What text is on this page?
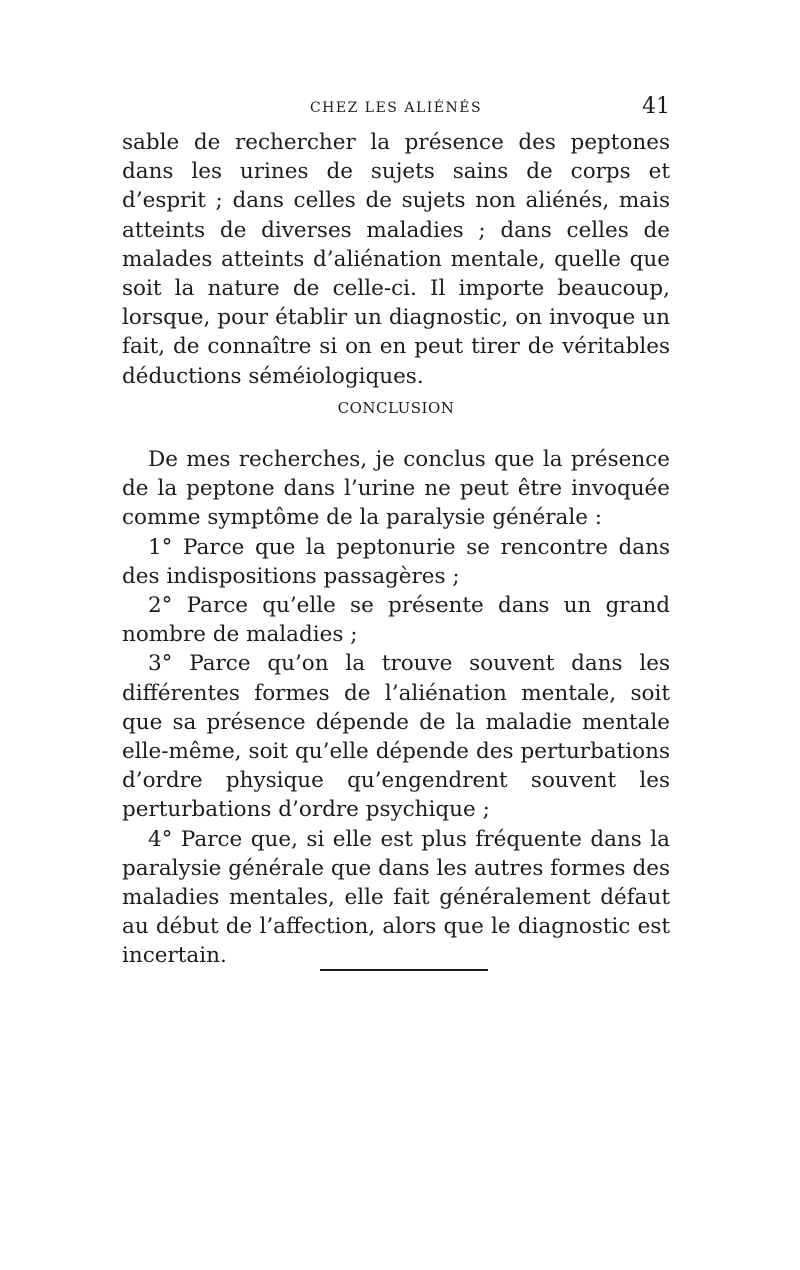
CHEZ LES ALIÉNÉS	41

sable de rechercher la présence des peptones dans les urines de sujets sains de corps et d’esprit ; dans celles de sujets non aliénés, mais atteints de diverses maladies ; dans celles de malades atteints d’aliénation mentale, quelle que soit la nature de celle-ci. Il importe beaucoup, lorsque, pour établir un diagnostic, on invoque un fait, de connaître si on en peut tirer de véritables déductions séméiologiques.

CONCLUSION

De mes recherches, je conclus que la présence de la peptone dans l’urine ne peut être invoquée comme symptôme de la paralysie générale :

1° Parce que la peptonurie se rencontre dans des indispositions passagères ;

2° Parce qu’elle se présente dans un grand nombre de maladies ;

3° Parce qu’on la trouve souvent dans les différentes formes de l’aliénation mentale, soit que sa présence dépende de la maladie mentale elle-même, soit qu’elle dépende des perturbations d’ordre physique qu’engendrent souvent les perturbations d’ordre psychique ;

4° Parce que, si elle est plus fréquente dans la paralysie générale que dans les autres formes des maladies mentales, elle fait généralement défaut au début de l’affection, alors que le diagnostic est incertain.
